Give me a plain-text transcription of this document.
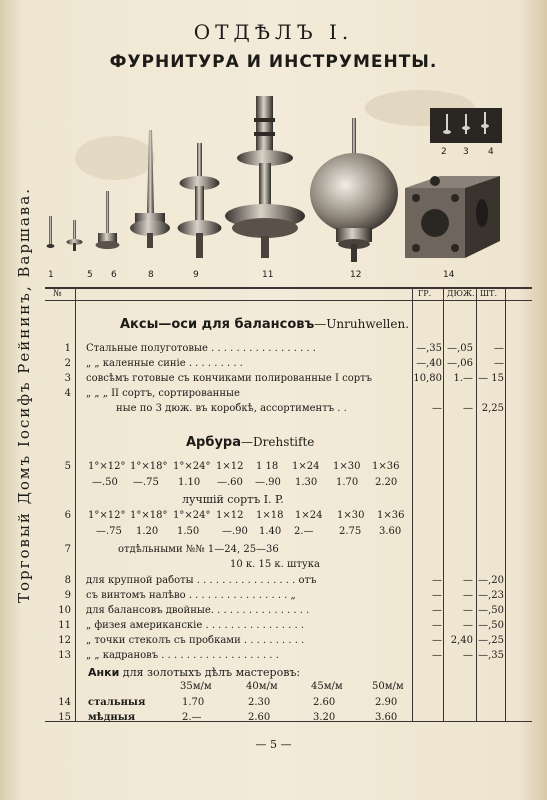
ОТДѢЛЪ I.
ФУРНИТУРА И ИНСТРУМЕНТЫ.
Торговый Домъ Іосифъ Рейнинъ, Варшава. 1	5 6	8	9	11	12	14
2 3 4
№	ГР. ДЮЖ. ШТ.
Аксы—оси для балансовъ—Unruhwellen.
1 Стальные полуготовые . . . . . . . . . . . . . . . . .	—,35 —,05	—
2 „ „ каленные синіе . . . . . . . . .	—,40 —,06	—
3 совсѣмъ готовые съ кончиками полированные I сортъ	10,80	1.— — 15
4 „ „ „ II сортъ, сортированные
ные по 3 дюж. въ коробкѣ, ассортиментъ . .	—	— 2,25
Арбура—Drehstifte
5 1°×12° 1°×18° 1°×24° 1×12 1 18 1×24 1×30 1×36
—.50 —.75 1.10 —.60 —.90 1.30 1.70 2.20
лучшій сортъ I. P.
6 1°×12° 1°×18° 1°×24° 1×12 1×18 1×24 1×30 1×36
—.75 1.20 1.50 —.90 1.40 2.—	2.75 3.60
7	отдѣльными №№ 1—24, 25—36
10 к. 15 к. штука
8 для крупной работы . . . . . . . . . . . . . . . . отъ	—	— —,20
9 съ винтомъ налѣво . . . . . . . . . . . . . . . . „	—	— —,23
10 для балансовъ двойные. . . . . . . . . . . . . . . .	—	— —,50
11 „ физея американскіе . . . . . . . . . . . . . . . .	—	— —,50
12 „ точки стеколъ съ пробками . . . . . . . . . .	— 2,40 —,25
13 „ „ кадрановъ . . . . . . . . . . . . . . . . . . .	—	— —,35
Анки для золотыхъ дѣлъ мастеровъ:
35м/м	40м/м	45м/м	50м/м
14 стальныя	1.70	2.30	2.60	2.90
15 мѣдныя	2.—	2.60	3.20	3.60
— 5 —
